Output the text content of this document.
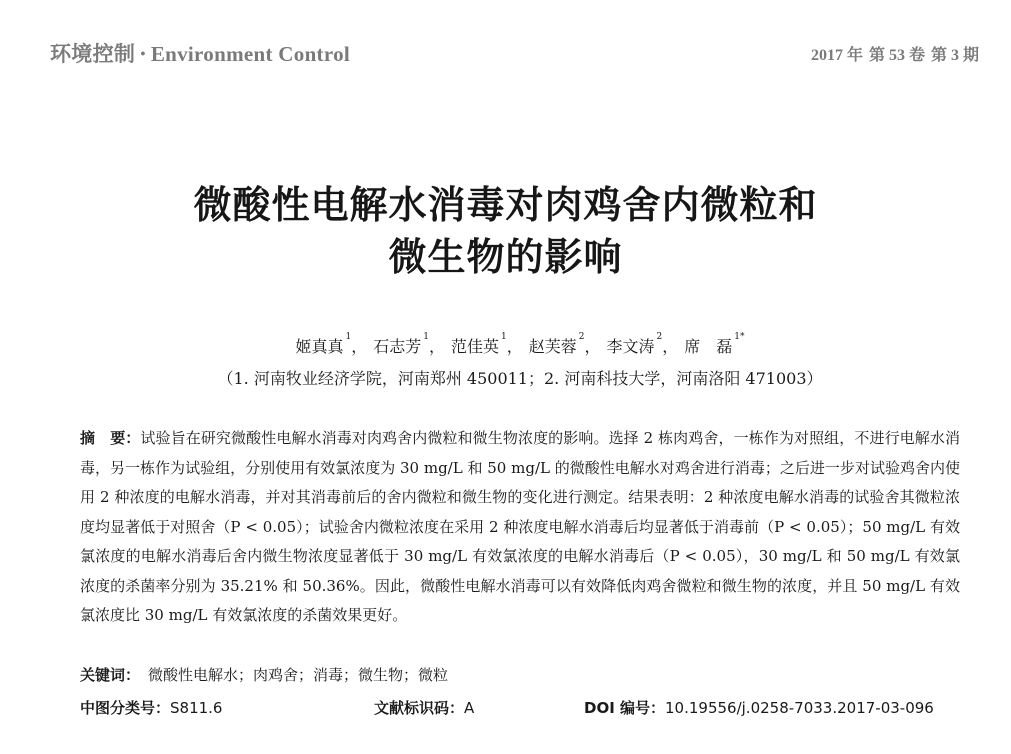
环境控制 · Environment Control	2017 年 第 53 卷 第 3 期
微酸性电解水消毒对肉鸡舍内微粒和
微生物的影响
姬真真 $^1$， 石志芳 $^1$， 范佳英 $^1$， 赵芙蓉 $^2$， 李文涛 $^2$， 席　磊 $^{1*}$
（1. 河南牧业经济学院，河南郑州 450011；2. 河南科技大学，河南洛阳 471003）
摘　要：试验旨在研究微酸性电解水消毒对肉鸡舍内微粒和微生物浓度的影响。选择 2 栋肉鸡舍，一栋作为对照组，不进行电解水消毒，另一栋作为试验组，分别使用有效氯浓度为 30 mg/L 和 50 mg/L 的微酸性电解水对鸡舍进行消毒；之后进一步对试验鸡舍内使用 2 种浓度的电解水消毒，并对其消毒前后的舍内微粒和微生物的变化进行测定。结果表明：2 种浓度电解水消毒的试验舍其微粒浓度均显著低于对照舍（P < 0.05）；试验舍内微粒浓度在采用 2 种浓度电解水消毒后均显著低于消毒前（P < 0.05）；50 mg/L 有效氯浓度的电解水消毒后舍内微生物浓度显著低于 30 mg/L 有效氯浓度的电解水消毒后（P < 0.05），30 mg/L 和 50 mg/L 有效氯浓度的杀菌率分别为 35.21% 和 50.36%。因此，微酸性电解水消毒可以有效降低肉鸡舍微粒和微生物的浓度，并且 50 mg/L 有效氯浓度比 30 mg/L 有效氯浓度的杀菌效果更好。
关键词： 微酸性电解水；肉鸡舍；消毒；微生物；微粒
中图分类号：S811.6	文献标识码：A	DOI 编号：10.19556/j.0258-7033.2017-03-096
